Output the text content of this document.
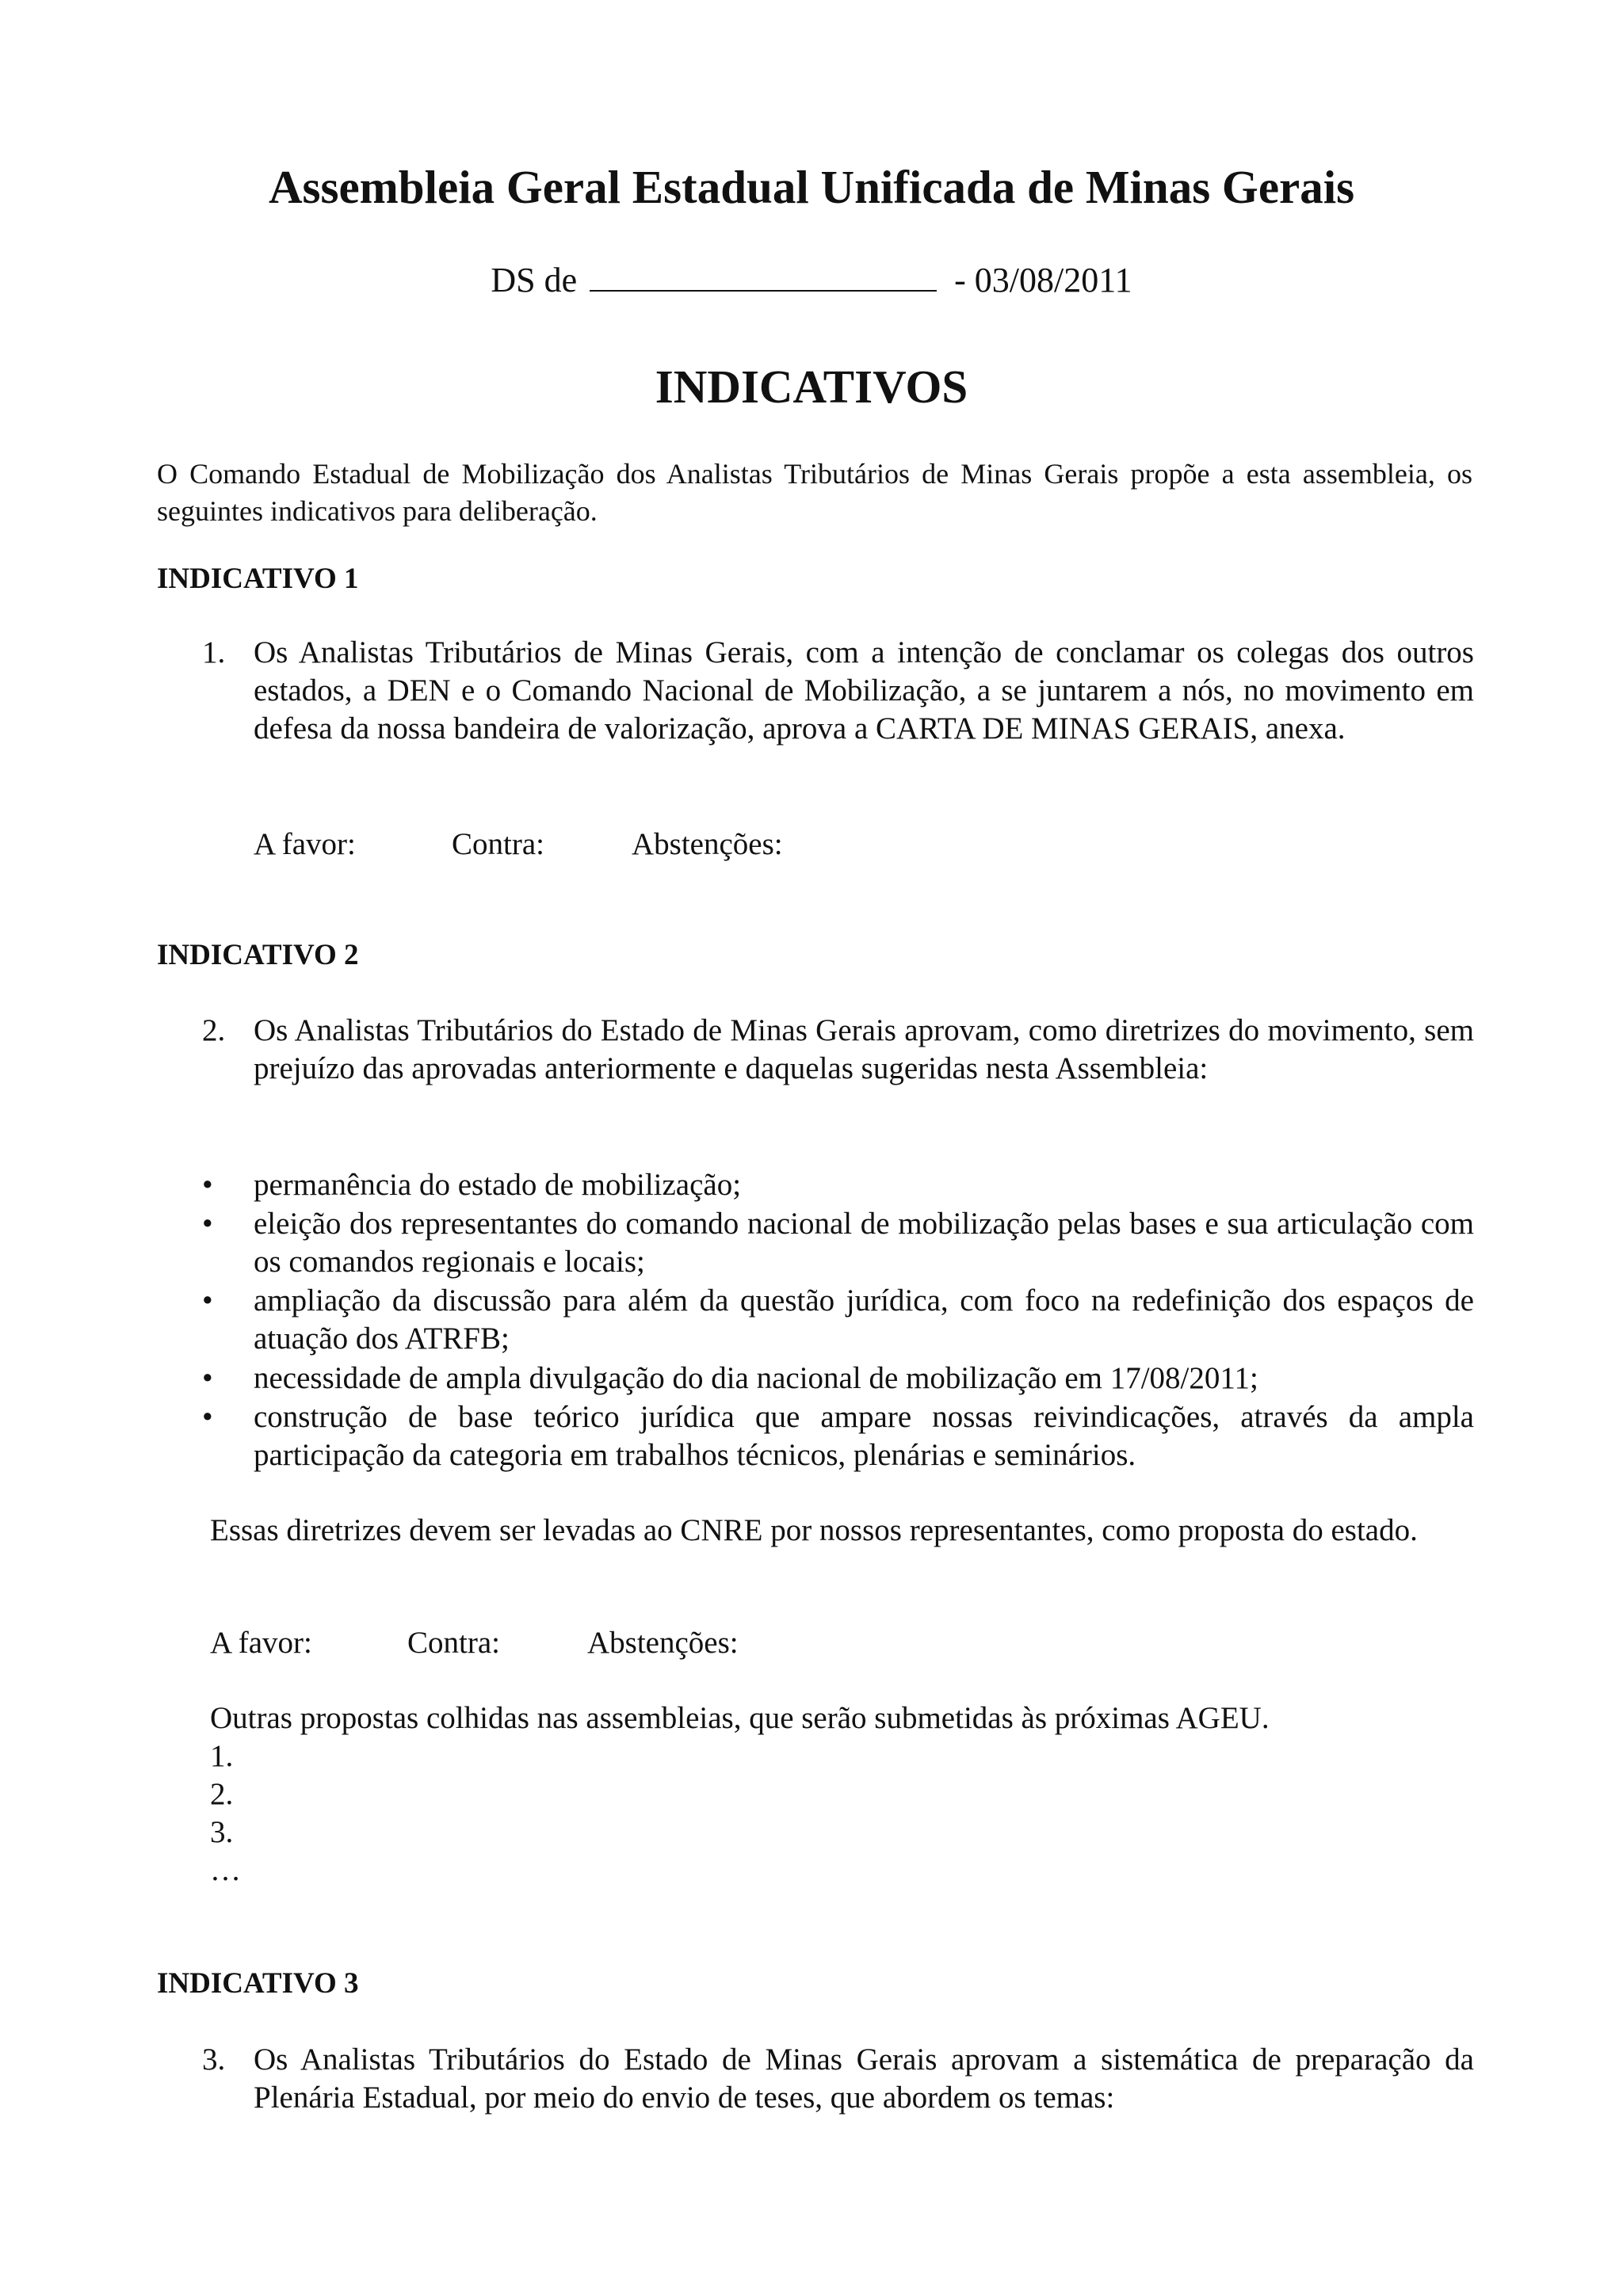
Assembleia Geral Estadual Unificada de Minas Gerais
DS de	- 03/08/2011
INDICATIVOS

O Comando Estadual de Mobilização dos Analistas Tributários de Minas Gerais propõe a esta assembleia, os seguintes indicativos para deliberação.

INDICATIVO 1
1. Os Analistas Tributários de Minas Gerais, com a intenção de conclamar os colegas dos outros estados, a DEN e o Comando Nacional de Mobilização, a se juntarem a nós, no movimento em defesa da nossa bandeira de valorização, aprova a CARTA DE MINAS GERAIS, anexa.

A favor:	Contra:	Abstenções:
INDICATIVO 2
2. Os Analistas Tributários do Estado de Minas Gerais aprovam, como diretrizes do movimento, sem prejuízo das aprovadas anteriormente e daquelas sugeridas nesta Assembleia:

•	permanência do estado de mobilização;

•	eleição dos representantes do comando nacional de mobilização pelas bases e sua articulação com os comandos regionais e locais;

•	ampliação da discussão para além da questão jurídica, com foco na redefinição dos espaços de atuação dos ATRFB;

•	necessidade de ampla divulgação do dia nacional de mobilização em 17/08/2011;

•	construção de base teórico jurídica que ampare nossas reivindicações, através da ampla participação da categoria em trabalhos técnicos, plenárias e seminários.

Essas diretrizes devem ser levadas ao CNRE por nossos representantes, como proposta do estado.

A favor:	Contra:	Abstenções:

Outras propostas colhidas nas assembleias, que serão submetidas às próximas AGEU.

1.
2.
3.
…
INDICATIVO 3
3. Os Analistas Tributários do Estado de Minas Gerais aprovam a sistemática de preparação da Plenária Estadual, por meio do envio de teses, que abordem os temas:
